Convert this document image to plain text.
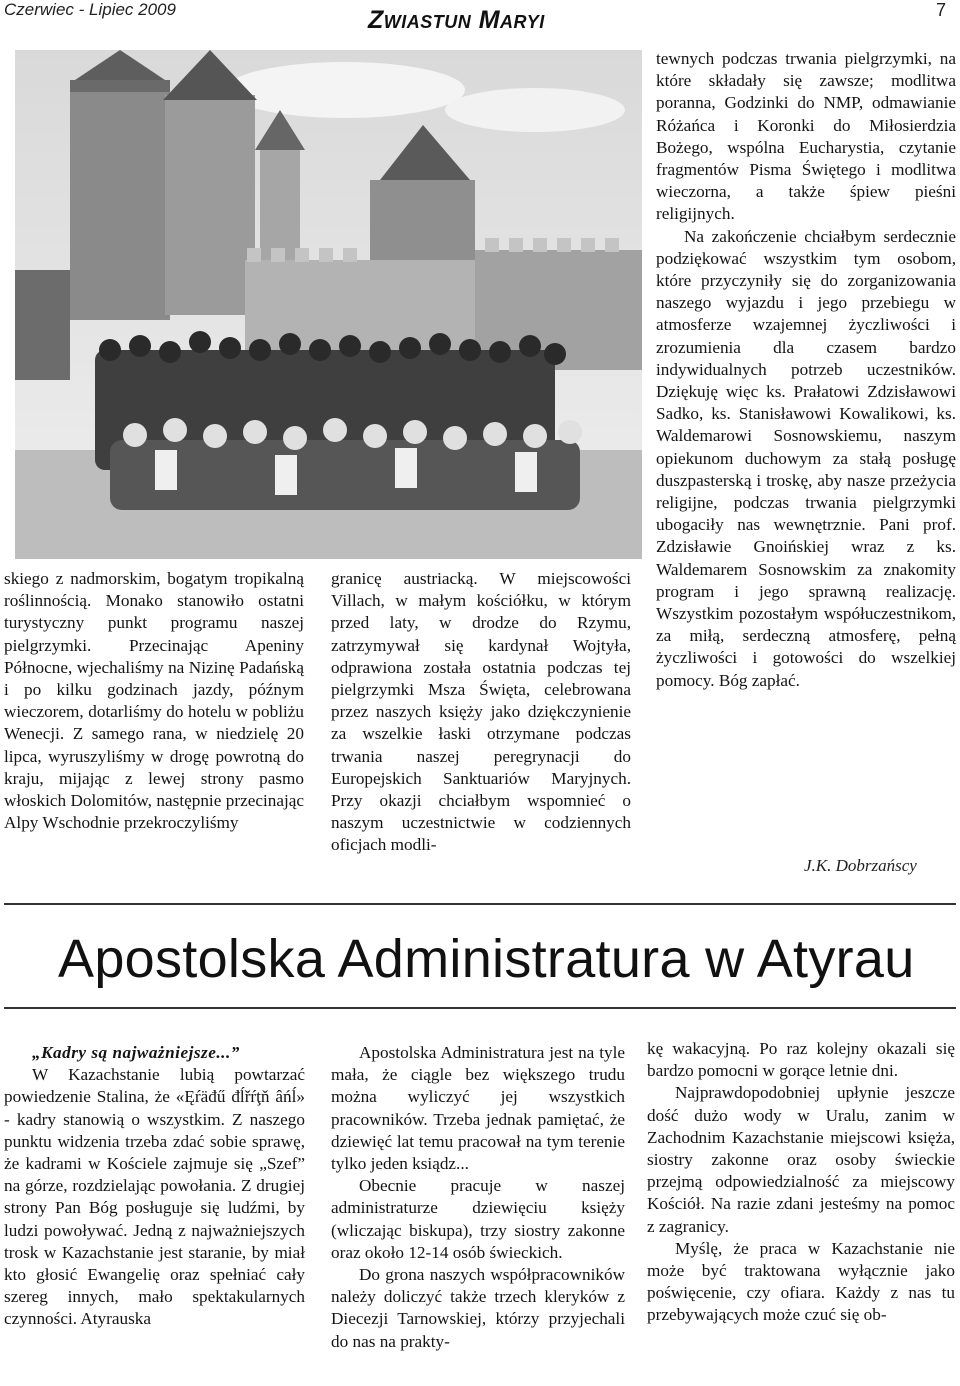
Czerwiec - Lipiec 2009	Zwiastun Maryi	7

skiego z nadmorskim, bogatym tropikalną roślinnością. Monako stanowiło ostatni turystyczny punkt programu naszej pielgrzymki. Przecinając Apeniny Północne, wjechaliśmy na Nizinę Padańską i po kilku godzinach jazdy, późnym wieczorem, dotarliśmy do hotelu w pobliżu Wenecji. Z samego rana, w niedzielę 20 lipca, wyruszyliśmy w drogę powrotną do kraju, mijając z lewej strony pasmo włoskich Dolomitów, następnie przecinając Alpy Wschodnie przekroczyliśmy

granicę austriacką. W miejscowości Villach, w małym kościółku, w którym przed laty, w drodze do Rzymu, zatrzymywał się kardynał Wojtyła, odprawiona została ostatnia podczas tej pielgrzymki Msza Święta, celebrowana przez naszych księży jako dziękczynienie za wszelkie łaski otrzymane podczas trwania naszej peregrynacji do Europejskich Sanktuariów Maryjnych. Przy okazji chciałbym wspomnieć o naszym uczestnictwie w codziennych oficjach modli-

tewnych podczas trwania pielgrzymki, na które składały się zawsze; modlitwa poranna, Godzinki do NMP, odmawianie Różańca i Koronki do Miłosierdzia Bożego, wspólna Eucharystia, czytanie fragmentów Pisma Świętego i modlitwa wieczorna, a także śpiew pieśni religijnych.

Na zakończenie chciałbym serdecznie podziękować wszystkim tym osobom, które przyczyniły się do zorganizowania naszego wyjazdu i jego przebiegu w atmosferze wzajemnej życzliwości i zrozumienia dla czasem bardzo indywidualnych potrzeb uczestników. Dziękuję więc ks. Prałatowi Zdzisławowi Sadko, ks. Stanisławowi Kowalikowi, ks. Waldemarowi Sosnowskiemu, naszym opiekunom duchowym za stałą posługę duszpasterską i troskę, aby nasze przeżycia religijne, podczas trwania pielgrzymki ubogaciły nas wewnętrznie. Pani prof. Zdzisławie Gnoińskiej wraz z ks. Waldemarem Sosnowskim za znakomity program i jego sprawną realizację. Wszystkim pozostałym współuczestnikom, za miłą, serdeczną atmosferę, pełną życzliwości i gotowości do wszelkiej pomocy. Bóg zapłać.

J.K. Dobrzańscy
Apostolska Administratura w Atyrau

„Kadry są najważniejsze...”

W Kazachstanie lubią powtarzać powiedzenie Stalina, że «Ęŕäđű đĺřŕţň âńĺ» - kadry stanowią o wszystkim. Z naszego punktu widzenia trzeba zdać sobie sprawę, że kadrami w Kościele zajmuje się „Szef” na górze, rozdzielając powołania. Z drugiej strony Pan Bóg posługuje się ludźmi, by ludzi powoływać. Jedną z najważniejszych trosk w Kazachstanie jest staranie, by miał kto głosić Ewangelię oraz spełniać cały szereg innych, mało spektakularnych czynności. Atyrauska

Apostolska Administratura jest na tyle mała, że ciągle bez większego trudu można wyliczyć jej wszystkich pracowników. Trzeba jednak pamiętać, że dziewięć lat temu pracował na tym terenie tylko jeden ksiądz...

Obecnie pracuje w naszej administraturze dziewięciu księży (wliczając biskupa), trzy siostry zakonne oraz około 12-14 osób świeckich.

Do grona naszych współpracowników należy doliczyć także trzech kleryków z Diecezji Tarnowskiej, którzy przyjechali do nas na prakty-

kę wakacyjną. Po raz kolejny okazali się bardzo pomocni w gorące letnie dni.

Najprawdopodobniej upłynie jeszcze dość dużo wody w Uralu, zanim w Zachodnim Kazachstanie miejscowi księża, siostry zakonne oraz osoby świeckie przejmą odpowiedzialność za miejscowy Kościół. Na razie zdani jesteśmy na pomoc z zagranicy.

Myślę, że praca w Kazachstanie nie może być traktowana wyłącznie jako poświęcenie, czy ofiara. Każdy z nas tu przebywających może czuć się ob-
